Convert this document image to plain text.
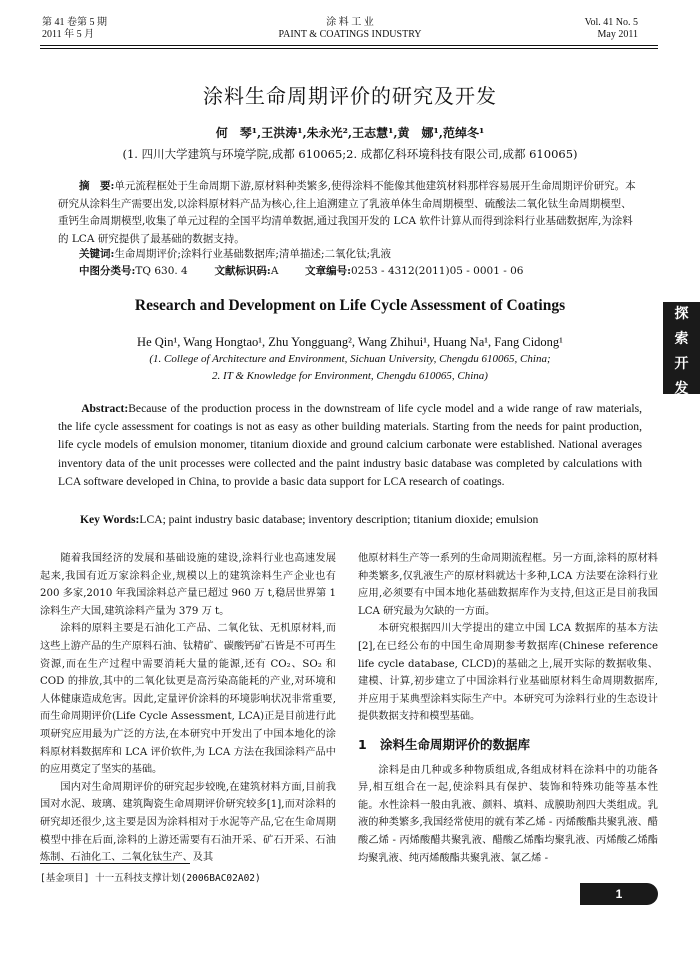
第 41 卷第 5 期
2011 年 5 月
涂 料 工 业
PAINT & COATINGS INDUSTRY
Vol. 41 No. 5
May 2011
涂料生命周期评价的研究及开发
何　琴¹,王洪涛¹,朱永光²,王志慧¹,黄　娜¹,范绰冬¹
(1. 四川大学建筑与环境学院,成都 610065;2. 成都亿科环境科技有限公司,成都 610065)
摘　要:单元流程框处于生命周期下游,原材料种类繁多,使得涂料不能像其他建筑材料那样容易展开生命周期评价研究。本研究从涂料生产需要出发,以涂料原材料产品为核心,往上追溯建立了乳液单体生命周期模型、硫酸法二氧化钛生命周期模型、重钙生命周期模型,收集了单元过程的全国平均清单数据,通过我国开发的 LCA 软件计算从而得到涂料行业基础数据库,为涂料的 LCA 研究提供了最基础的数据支持。
关键词:生命周期评价;涂料行业基础数据库;清单描述;二氧化钛;乳液
中图分类号:TQ 630. 4	文献标识码:A	文章编号:0253 - 4312(2011)05 - 0001 - 06
Research and Development on Life Cycle Assessment of Coatings
He Qin¹, Wang Hongtao¹, Zhu Yongguang², Wang Zhihui¹, Huang Na¹, Fang Cidong¹
(1. College of Architecture and Environment, Sichuan University, Chengdu 610065, China;
2. IT & Knowledge for Environment, Chengdu 610065, China)
Abstract:Because of the production process in the downstream of life cycle model and a wide range of raw materials, the life cycle assessment for coatings is not as easy as other building materials. Starting from the needs for paint production, life cycle models of emulsion monomer, titanium dioxide and ground calcium carbonate were established. National averages inventory data of the unit processes were collected and the paint industry basic database was completed by calculations with LCA software developed in China, to provide a basic data support for LCA research of coatings.
Key Words:LCA; paint industry basic database; inventory description; titanium dioxide; emulsion

随着我国经济的发展和基础设施的建设,涂料行业也高速发展起来,我国有近万家涂料企业,规模以上的建筑涂料生产企业也有 200 多家,2010 年我国涂料总产量已超过 960 万 t,稳居世界第 1 涂料生产大国,建筑涂料产量为 379 万 t。

涂料的原料主要是石油化工产品、二氧化钛、无机原材料,而这些上游产品的生产原料石油、钛精矿、碳酸钙矿石皆是不可再生资源,而在生产过程中需要消耗大量的能源,还有 CO₂、SO₂ 和 COD 的排放,其中的二氧化钛更是高污染高能耗的产业,对环境和人体健康造成危害。因此,定量评价涂料的环境影响状况非常重要,而生命周期评价(Life Cycle Assessment, LCA)正是目前进行此项研究应用最为广泛的方法,在本研究中开发出了中国本地化的涂料原材料数据库和 LCA 评价软件,为 LCA 方法在我国涂料产品中的应用奠定了坚实的基础。

国内对生命周期评价的研究起步较晚,在建筑材料方面,目前我国对水泥、玻璃、建筑陶瓷生命周期评价研究较多[1],而对涂料的研究却还很少,这主要是因为涂料相对于水泥等产品,它在生命周期模型中排在后面,涂料的上游还需要有石油开采、矿石开采、石油炼制、石油化工、二氧化钛生产、及其

他原材料生产等一系列的生命周期流程框。另一方面,涂料的原材料种类繁多,仅乳液生产的原材料就达十多种,LCA 方法要在涂料行业应用,必须要有中国本地化基础数据库作为支持,但这正是目前我国 LCA 研究最为欠缺的一方面。

本研究根据四川大学提出的建立中国 LCA 数据库的基本方法[2],在已经公布的中国生命周期参考数据库(Chinese reference life cycle database, CLCD)的基础之上,展开实际的数据收集、建模、计算,初步建立了中国涂料行业基础原材料生命周期数据库,并应用于某典型涂料实际生产中。本研究可为涂料行业的生态设计提供数据支持和模型基础。

1 涂料生命周期评价的数据库

涂料是由几种或多种物质组成,各组成材料在涂料中的功能各异,相互组合在一起,使涂料具有保护、装饰和特殊功能等基本性能。水性涂料一般由乳液、颜料、填料、成膜助剂四大类组成。乳液的种类繁多,我国经常使用的就有苯乙烯 - 丙烯酸酯共聚乳液、醋酸乙烯 - 丙烯酸醋共聚乳液、醋酸乙烯酯均聚乳液、丙烯酸乙烯酯均聚乳液、纯丙烯酸酯共聚乳液、氯乙烯 -

[基金项目] 十一五科技支撑计划(2006BAC02A02)
探
索
开
发
1
